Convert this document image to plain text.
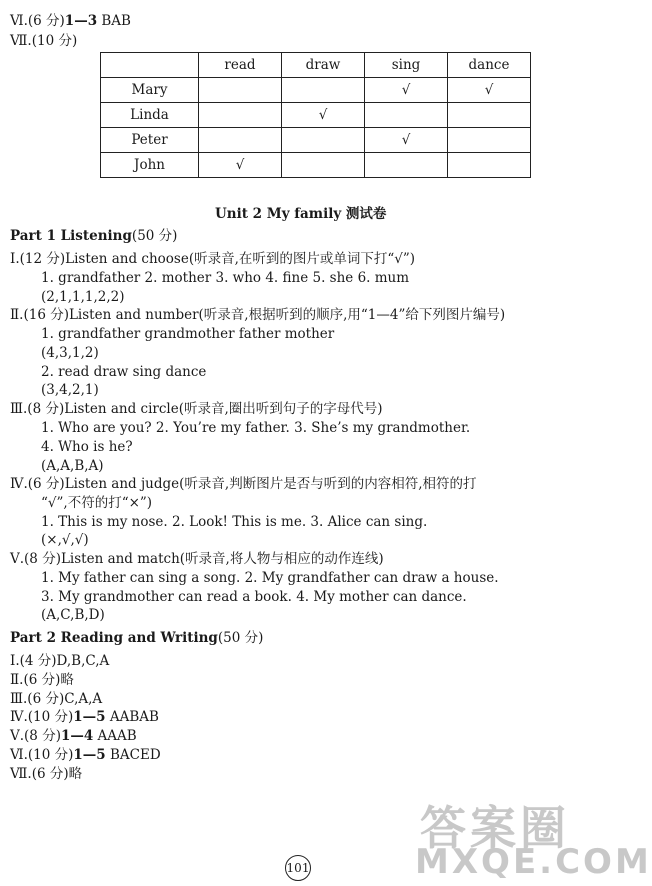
Ⅵ.(6 分)1—3 BAB
Ⅶ.(10 分)
	read	draw	sing	dance
Mary			√	√
Linda		√		
Peter			√	
John	√			
Unit 2 My family 测试卷
Part 1 Listening(50 分)
Ⅰ.(12 分)Listen and choose(听录音,在听到的图片或单词下打“√”)
1. grandfather 2. mother 3. who 4. fine 5. she 6. mum
(2,1,1,1,2,2)
Ⅱ.(16 分)Listen and number(听录音,根据听到的顺序,用“1—4”给下列图片编号)
1. grandfather grandmother father mother
(4,3,1,2)
2. read draw sing dance
(3,4,2,1)
Ⅲ.(8 分)Listen and circle(听录音,圈出听到句子的字母代号)
1. Who are you? 2. You’re my father. 3. She’s my grandmother.
4. Who is he?
(A,A,B,A)
Ⅳ.(6 分)Listen and judge(听录音,判断图片是否与听到的内容相符,相符的打
“√”,不符的打“×”)
1. This is my nose. 2. Look! This is me. 3. Alice can sing.
(×,√,√)
Ⅴ.(8 分)Listen and match(听录音,将人物与相应的动作连线)
1. My father can sing a song. 2. My grandfather can draw a house.
3. My grandmother can read a book. 4. My mother can dance.
(A,C,B,D)
Part 2 Reading and Writing(50 分)
Ⅰ.(4 分)D,B,C,A
Ⅱ.(6 分)略
Ⅲ.(6 分)C,A,A
Ⅳ.(10 分)1—5 AABAB
Ⅴ.(8 分)1—4 AAAB
Ⅵ.(10 分)1—5 BACED
Ⅶ.(6 分)略
答案圈
MXQE.COM
101
